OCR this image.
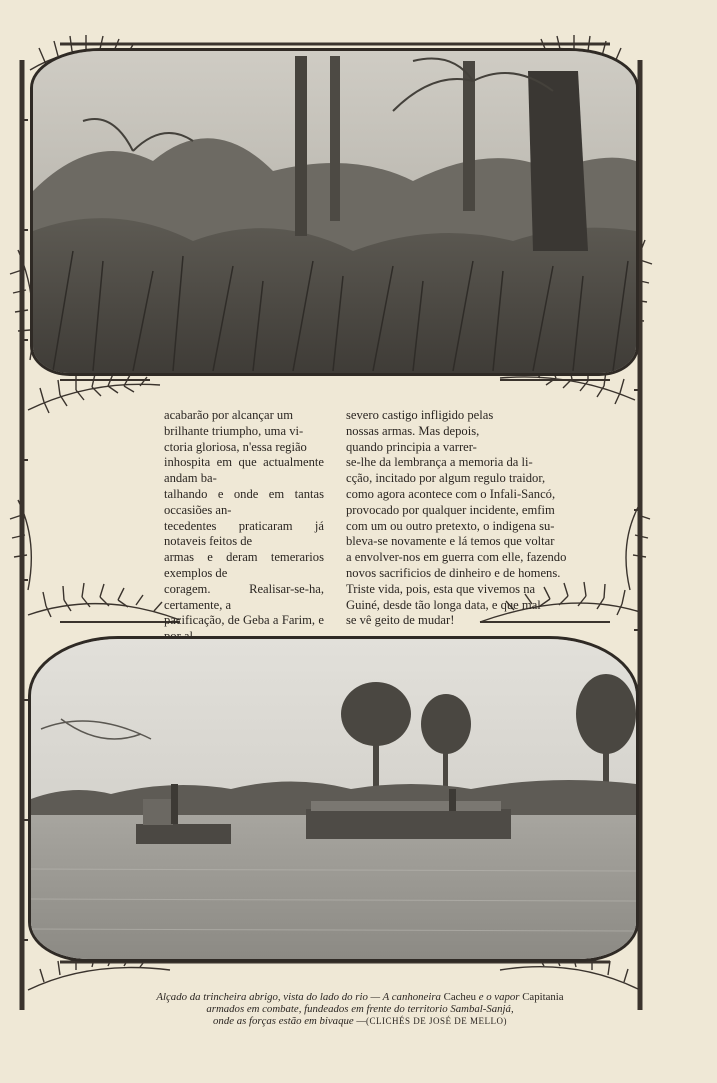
acabarão por alcançar um
brilhante triumpho, uma vi-
ctoria gloriosa, n'essa região
inhospita em que actualmente andam ba-
talhando e onde em tantas occasiões an-
tecedentes praticaram já notaveis feitos de
armas e deram temerarios exemplos de
coragem. Realisar-se-ha, certamente, a
pacificação, de Geba a Farim, e

severo castigo infligido pelas
nossas armas. Mas depois,
quando principia a varrer-
se-lhe da lembrança a memoria da li-
cção, incitado por algum regulo traidor,
como agora acontece com o Infali-Sancó,
provocado por qualquer incidente, emfim
com um ou outro pretexto, o indigena su-
bleva-se novamente e lá temos que voltar
a envolver-nos em guerra com elle, fazendo
novos sacrificios de dinheiro e de homens.
Triste vida, pois, esta que vivemos na
Guiné, desde tão longa data, e que mal
se vê geito de mudar!
Alçado da trincheira abrigo, vista do lado do rio — A canhoneira Cacheu e o vapor Capitania
armados em combate, fundeados em frente do territorio Sambal-Sanjá,
onde as forças estão em bivaque —(CLICHÉS DE JOSÉ DE MELLO)
